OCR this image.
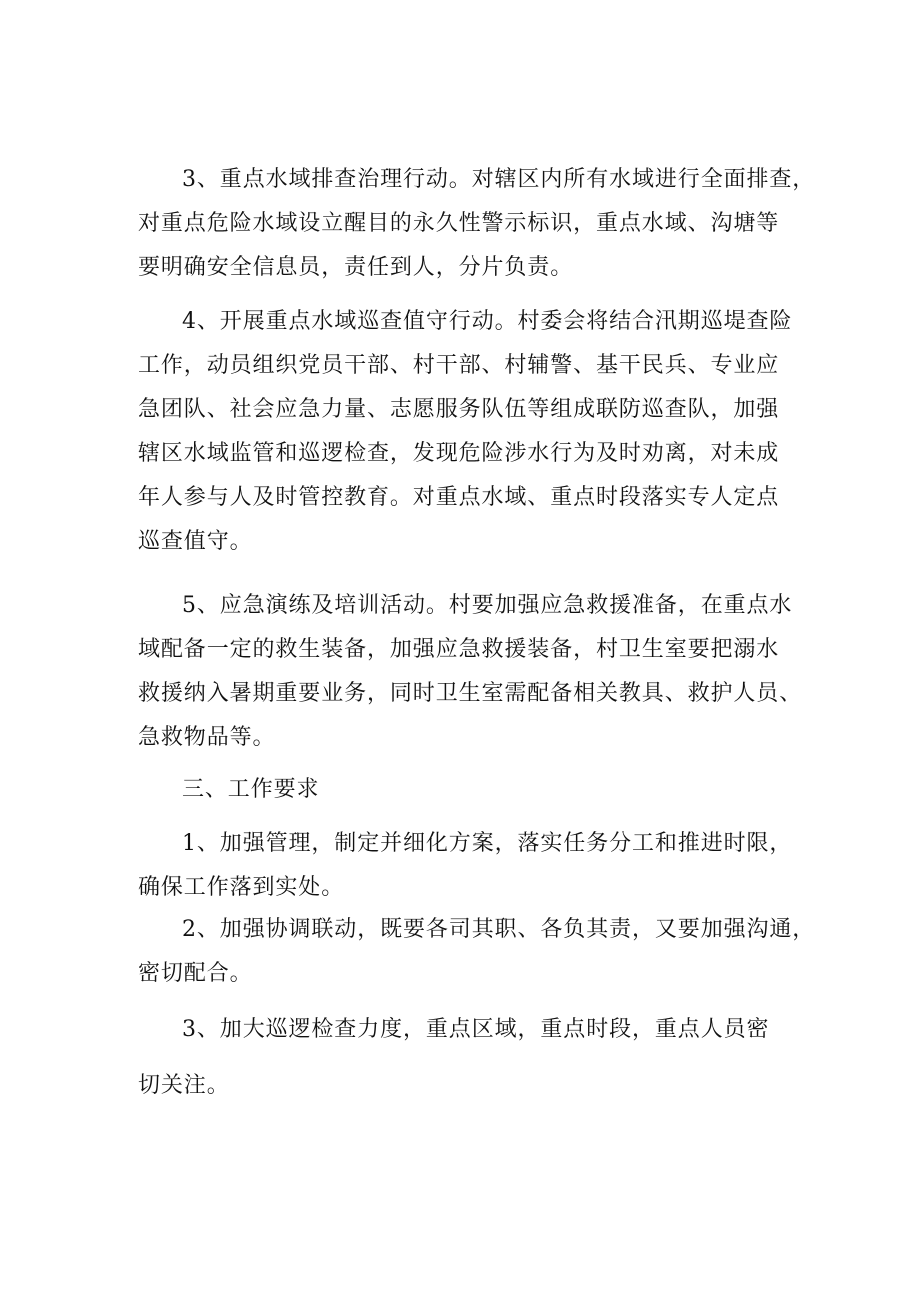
3、重点水域排查治理行动。对辖区内所有水域进行全面排查，
对重点危险水域设立醒目的永久性警示标识，重点水域、沟塘等
要明确安全信息员，责任到人，分片负责。
4、开展重点水域巡查值守行动。村委会将结合汛期巡堤查险
工作，动员组织党员干部、村干部、村辅警、基干民兵、专业应
急团队、社会应急力量、志愿服务队伍等组成联防巡查队，加强
辖区水域监管和巡逻检查，发现危险涉水行为及时劝离，对未成
年人参与人及时管控教育。对重点水域、重点时段落实专人定点
巡查值守。
5、应急演练及培训活动。村要加强应急救援准备，在重点水
域配备一定的救生装备，加强应急救援装备，村卫生室要把溺水
救援纳入暑期重要业务，同时卫生室需配备相关教具、救护人员、
急救物品等。
三、工作要求
1、加强管理，制定并细化方案，落实任务分工和推进时限，
确保工作落到实处。
2、加强协调联动，既要各司其职、各负其责，又要加强沟通，
密切配合。
3、加大巡逻检查力度，重点区域，重点时段，重点人员密
切关注。
